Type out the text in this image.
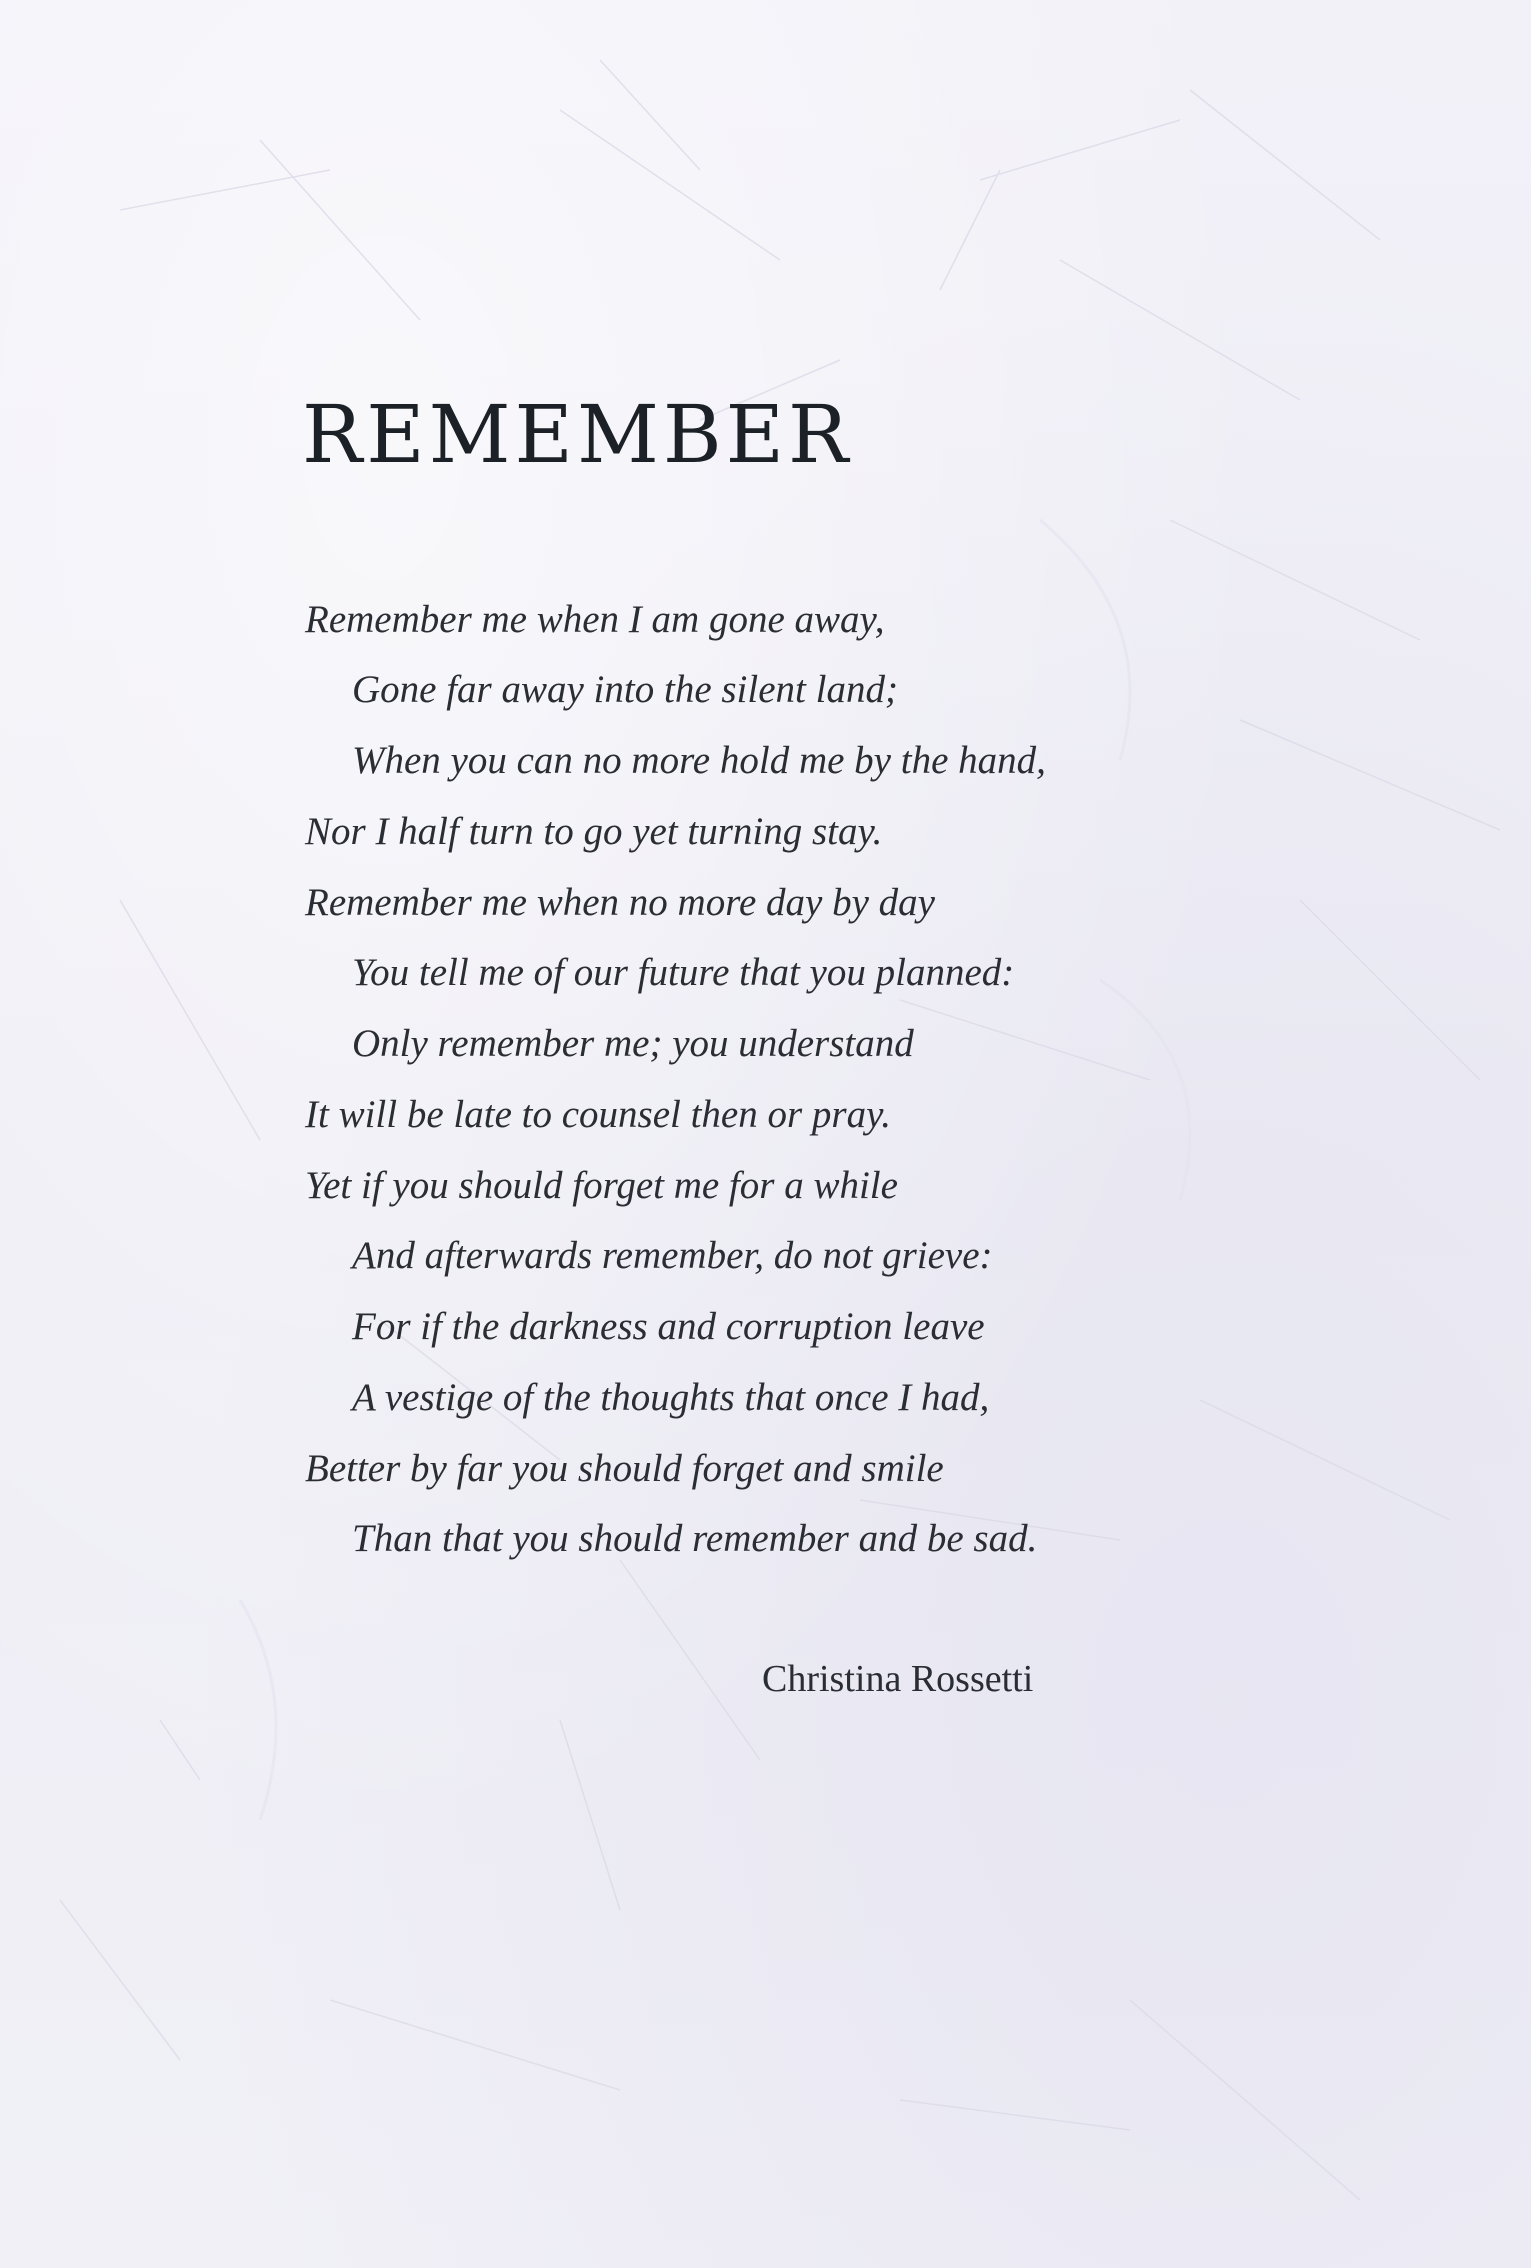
REMEMBER

Remember me when I am gone away,

Gone far away into the silent land;

When you can no more hold me by the hand,

Nor I half turn to go yet turning stay.

Remember me when no more day by day

You tell me of our future that you planned:

Only remember me; you understand

It will be late to counsel then or pray.

Yet if you should forget me for a while

And afterwards remember, do not grieve:

For if the darkness and corruption leave

A vestige of the thoughts that once I had,

Better by far you should forget and smile

Than that you should remember and be sad.

Christina Rossetti
